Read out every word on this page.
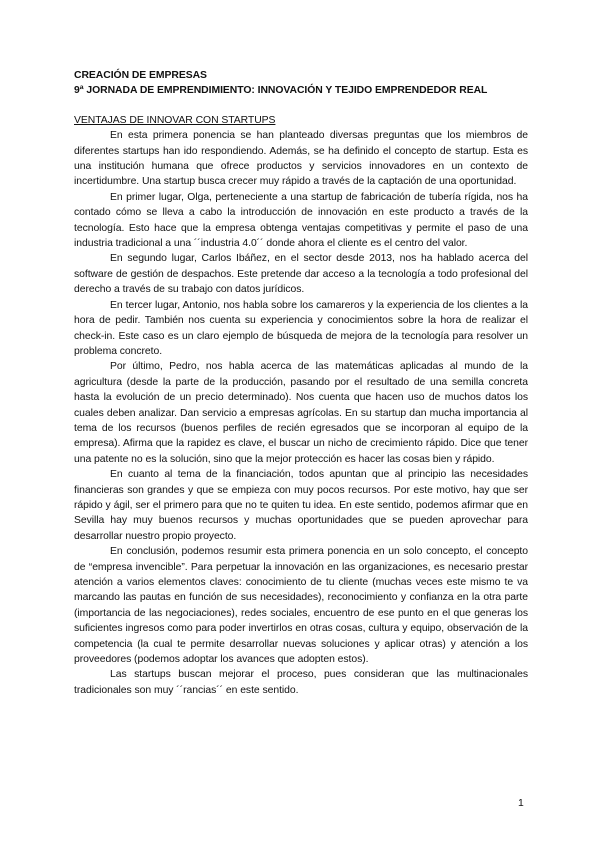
CREACIÓN DE EMPRESAS

9ª JORNADA DE EMPRENDIMIENTO: INNOVACIÓN Y TEJIDO EMPRENDEDOR REAL

VENTAJAS DE INNOVAR CON STARTUPS

En esta primera ponencia se han planteado diversas preguntas que los miembros de diferentes startups han ido respondiendo. Además, se ha definido el concepto de startup. Esta es una institución humana que ofrece productos y servicios innovadores en un contexto de incertidumbre. Una startup busca crecer muy rápido a través de la captación de una oportunidad.

En primer lugar, Olga, perteneciente a una startup de fabricación de tubería rígida, nos ha contado cómo se lleva a cabo la introducción de innovación en este producto a través de la tecnología. Esto hace que la empresa obtenga ventajas competitivas y permite el paso de una industria tradicional a una ´´industria 4.0´´ donde ahora el cliente es el centro del valor.

En segundo lugar, Carlos Ibáñez, en el sector desde 2013, nos ha hablado acerca del software de gestión de despachos. Este pretende dar acceso a la tecnología a todo profesional del derecho a través de su trabajo con datos jurídicos.

En tercer lugar, Antonio, nos habla sobre los camareros y la experiencia de los clientes a la hora de pedir. También nos cuenta su experiencia y conocimientos sobre la hora de realizar el check-in. Este caso es un claro ejemplo de búsqueda de mejora de la tecnología para resolver un problema concreto.

Por último, Pedro, nos habla acerca de las matemáticas aplicadas al mundo de la agricultura (desde la parte de la producción, pasando por el resultado de una semilla concreta hasta la evolución de un precio determinado). Nos cuenta que hacen uso de muchos datos los cuales deben analizar. Dan servicio a empresas agrícolas. En su startup dan mucha importancia al tema de los recursos (buenos perfiles de recién egresados que se incorporan al equipo de la empresa). Afirma que la rapidez es clave, el buscar un nicho de crecimiento rápido. Dice que tener una patente no es la solución, sino que la mejor protección es hacer las cosas bien y rápido.

En cuanto al tema de la financiación, todos apuntan que al principio las necesidades financieras son grandes y que se empieza con muy pocos recursos. Por este motivo, hay que ser rápido y ágil, ser el primero para que no te quiten tu idea. En este sentido, podemos afirmar que en Sevilla hay muy buenos recursos y muchas oportunidades que se pueden aprovechar para desarrollar nuestro propio proyecto.

En conclusión, podemos resumir esta primera ponencia en un solo concepto, el concepto de “empresa invencible”. Para perpetuar la innovación en las organizaciones, es necesario prestar atención a varios elementos claves: conocimiento de tu cliente (muchas veces este mismo te va marcando las pautas en función de sus necesidades), reconocimiento y confianza en la otra parte (importancia de las negociaciones), redes sociales, encuentro de ese punto en el que generas los suficientes ingresos como para poder invertirlos en otras cosas, cultura y equipo, observación de la competencia (la cual te permite desarrollar nuevas soluciones y aplicar otras) y atención a los proveedores (podemos adoptar los avances que adopten estos).

Las startups buscan mejorar el proceso, pues consideran que las multinacionales tradicionales son muy ´´rancias´´ en este sentido.

1
